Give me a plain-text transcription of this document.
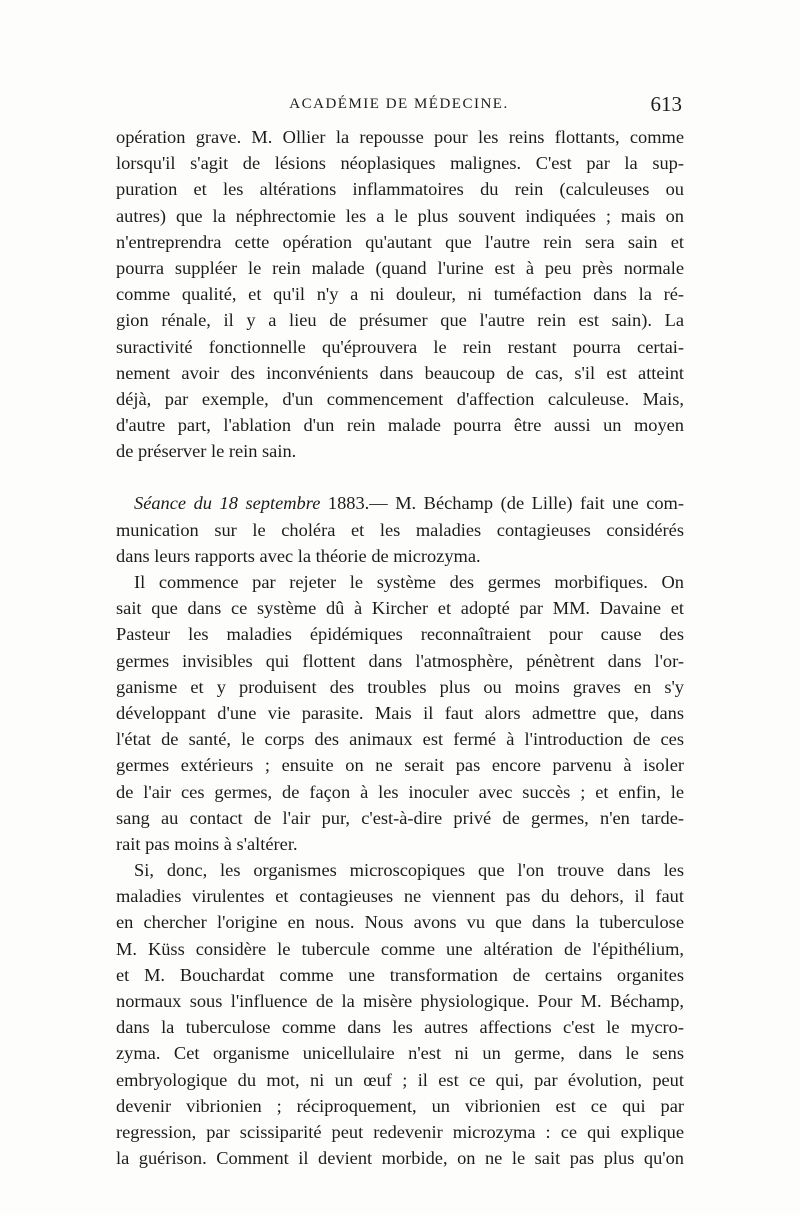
ACADÉMIE DE MÉDECINE.	613
opération grave. M. Ollier la repousse pour les reins flottants, comme
lorsqu'il s'agit de lésions néoplasiques malignes. C'est par la sup-
puration et les altérations inflammatoires du rein (calculeuses ou
autres) que la néphrectomie les a le plus souvent indiquées ; mais on
n'entreprendra cette opération qu'autant que l'autre rein sera sain et
pourra suppléer le rein malade (quand l'urine est à peu près normale
comme qualité, et qu'il n'y a ni douleur, ni tuméfaction dans la ré-
gion rénale, il y a lieu de présumer que l'autre rein est sain). La
suractivité fonctionnelle qu'éprouvera le rein restant pourra certai-
nement avoir des inconvénients dans beaucoup de cas, s'il est atteint
déjà, par exemple, d'un commencement d'affection calculeuse. Mais,
d'autre part, l'ablation d'un rein malade pourra être aussi un moyen
de préserver le rein sain.
Séance du 18 septembre 1883.— M. Béchamp (de Lille) fait une com-
munication sur le choléra et les maladies contagieuses considérés
dans leurs rapports avec la théorie de microzyma.
Il commence par rejeter le système des germes morbifiques. On
sait que dans ce système dû à Kircher et adopté par MM. Davaine et
Pasteur les maladies épidémiques reconnaîtraient pour cause des
germes invisibles qui flottent dans l'atmosphère, pénètrent dans l'or-
ganisme et y produisent des troubles plus ou moins graves en s'y
développant d'une vie parasite. Mais il faut alors admettre que, dans
l'état de santé, le corps des animaux est fermé à l'introduction de ces
germes extérieurs ; ensuite on ne serait pas encore parvenu à isoler
de l'air ces germes, de façon à les inoculer avec succès ; et enfin, le
sang au contact de l'air pur, c'est-à-dire privé de germes, n'en tarde-
rait pas moins à s'altérer.
Si, donc, les organismes microscopiques que l'on trouve dans les
maladies virulentes et contagieuses ne viennent pas du dehors, il faut
en chercher l'origine en nous. Nous avons vu que dans la tuberculose
M. Küss considère le tubercule comme une altération de l'épithélium,
et M. Bouchardat comme une transformation de certains organites
normaux sous l'influence de la misère physiologique. Pour M. Béchamp,
dans la tuberculose comme dans les autres affections c'est le mycro-
zyma. Cet organisme unicellulaire n'est ni un germe, dans le sens
embryologique du mot, ni un œuf ; il est ce qui, par évolution, peut
devenir vibrionien ; réciproquement, un vibrionien est ce qui par
regression, par scissiparité peut redevenir microzyma : ce qui explique
la guérison. Comment il devient morbide, on ne le sait pas plus qu'on
